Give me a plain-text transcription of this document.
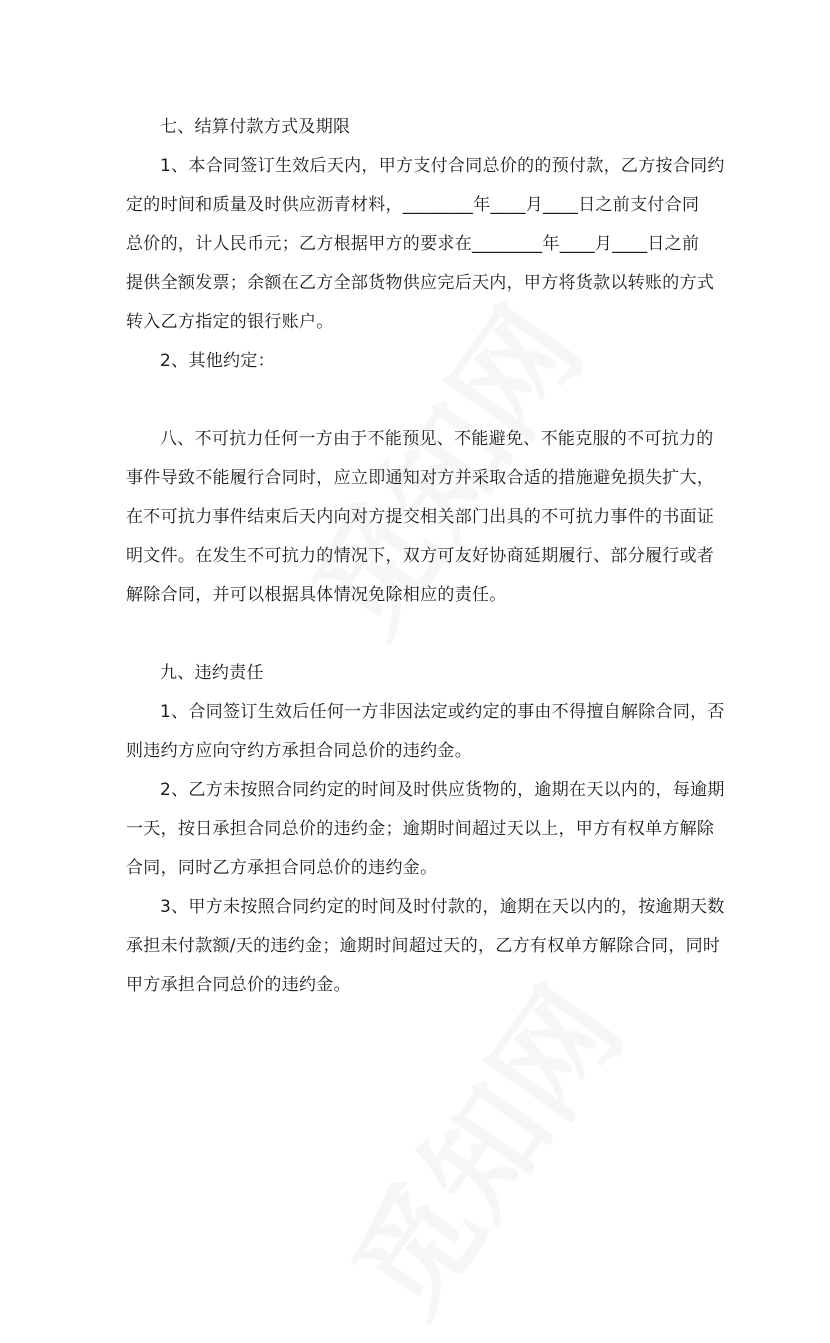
七、结算付款方式及期限
1、本合同签订生效后天内，甲方支付合同总价的的预付款，乙方按合同约
定的时间和质量及时供应沥青材料，________年____月____日之前支付合同
总价的，计人民币元；乙方根据甲方的要求在________年____月____日之前
提供全额发票；余额在乙方全部货物供应完后天内，甲方将货款以转账的方式
转入乙方指定的银行账户。
2、其他约定：
八、不可抗力任何一方由于不能预见、不能避免、不能克服的不可抗力的
事件导致不能履行合同时，应立即通知对方并采取合适的措施避免损失扩大，
在不可抗力事件结束后天内向对方提交相关部门出具的不可抗力事件的书面证
明文件。在发生不可抗力的情况下，双方可友好协商延期履行、部分履行或者
解除合同，并可以根据具体情况免除相应的责任。
九、违约责任
1、合同签订生效后任何一方非因法定或约定的事由不得擅自解除合同，否
则违约方应向守约方承担合同总价的违约金。
2、乙方未按照合同约定的时间及时供应货物的，逾期在天以内的，每逾期
一天，按日承担合同总价的违约金；逾期时间超过天以上，甲方有权单方解除
合同，同时乙方承担合同总价的违约金。
3、甲方未按照合同约定的时间及时付款的，逾期在天以内的，按逾期天数
承担未付款额/天的违约金；逾期时间超过天的，乙方有权单方解除合同，同时
甲方承担合同总价的违约金。
